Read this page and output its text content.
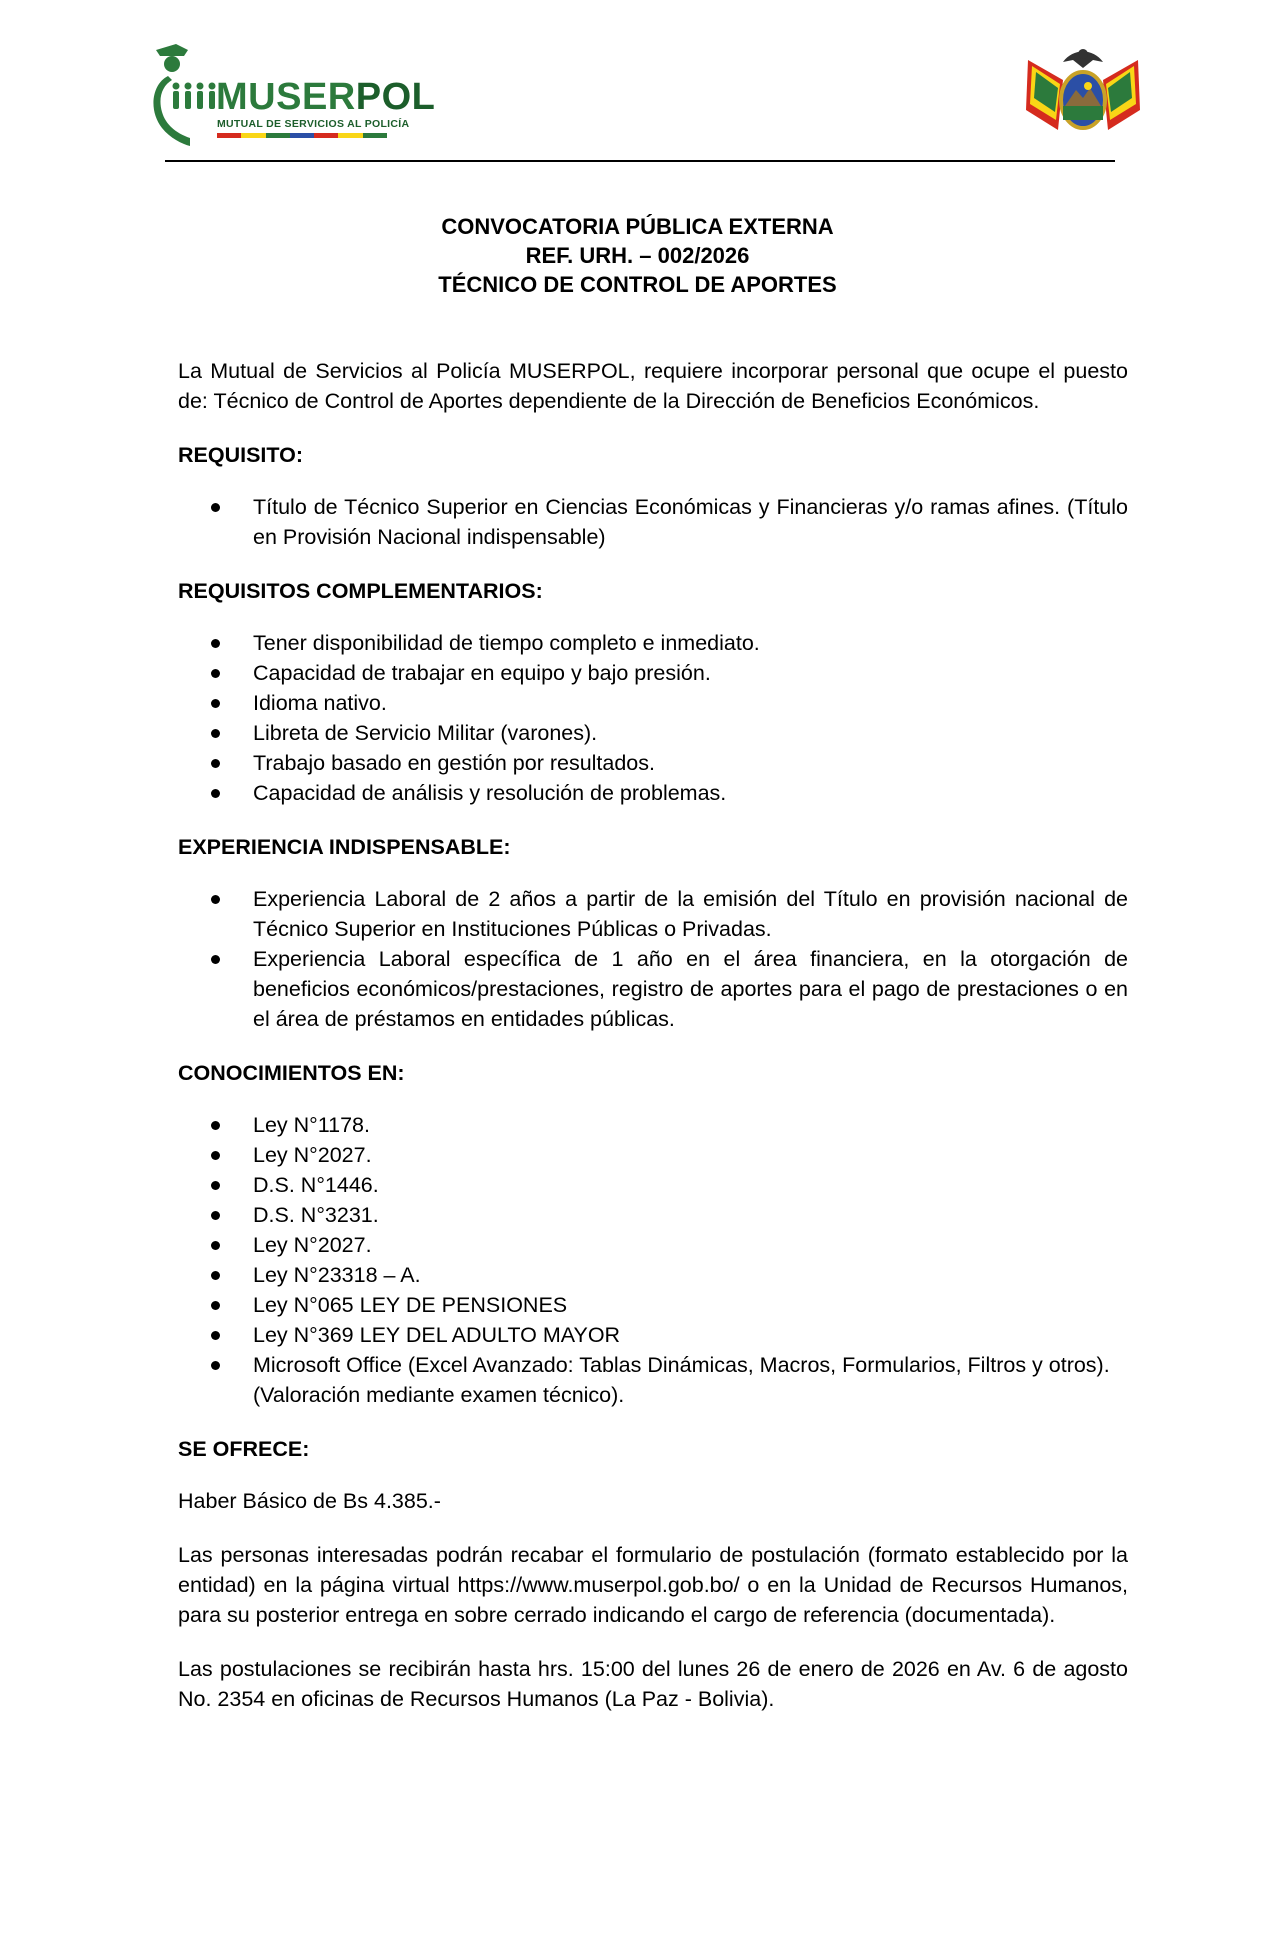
MUSERPOL
MUTUAL DE SERVICIOS AL POLICÍA
CONVOCATORIA PÚBLICA EXTERNA
REF. URH. – 002/2026
TÉCNICO DE CONTROL DE APORTES

La Mutual de Servicios al Policía MUSERPOL, requiere incorporar personal que ocupe el puesto de: Técnico de Control de Aportes dependiente de la Dirección de Beneficios Económicos.

REQUISITO:
Título de Técnico Superior en Ciencias Económicas y Financieras y/o ramas afines. (Título en Provisión Nacional indispensable)
REQUISITOS COMPLEMENTARIOS:
Tener disponibilidad de tiempo completo e inmediato.
Capacidad de trabajar en equipo y bajo presión.
Idioma nativo.
Libreta de Servicio Militar (varones).
Trabajo basado en gestión por resultados.
Capacidad de análisis y resolución de problemas.
EXPERIENCIA INDISPENSABLE:
Experiencia Laboral de 2 años a partir de la emisión del Título en provisión nacional de Técnico Superior en Instituciones Públicas o Privadas.
Experiencia Laboral específica de 1 año en el área financiera, en la otorgación de beneficios económicos/prestaciones, registro de aportes para el pago de prestaciones o en el área de préstamos en entidades públicas.
CONOCIMIENTOS EN:
Ley N°1178.
Ley N°2027.
D.S. N°1446.
D.S. N°3231.
Ley N°2027.
Ley N°23318 – A.
Ley N°065 LEY DE PENSIONES
Ley N°369 LEY DEL ADULTO MAYOR
Microsoft Office (Excel Avanzado: Tablas Dinámicas, Macros, Formularios, Filtros y otros).
(Valoración mediante examen técnico).
SE OFRECE:

Haber Básico de Bs 4.385.-

Las personas interesadas podrán recabar el formulario de postulación (formato establecido por la entidad) en la página virtual https://www.muserpol.gob.bo/ o en la Unidad de Recursos Humanos, para su posterior entrega en sobre cerrado indicando el cargo de referencia (documentada).

Las postulaciones se recibirán hasta hrs. 15:00 del lunes 26 de enero de 2026 en Av. 6 de agosto No. 2354 en oficinas de Recursos Humanos (La Paz - Bolivia).
